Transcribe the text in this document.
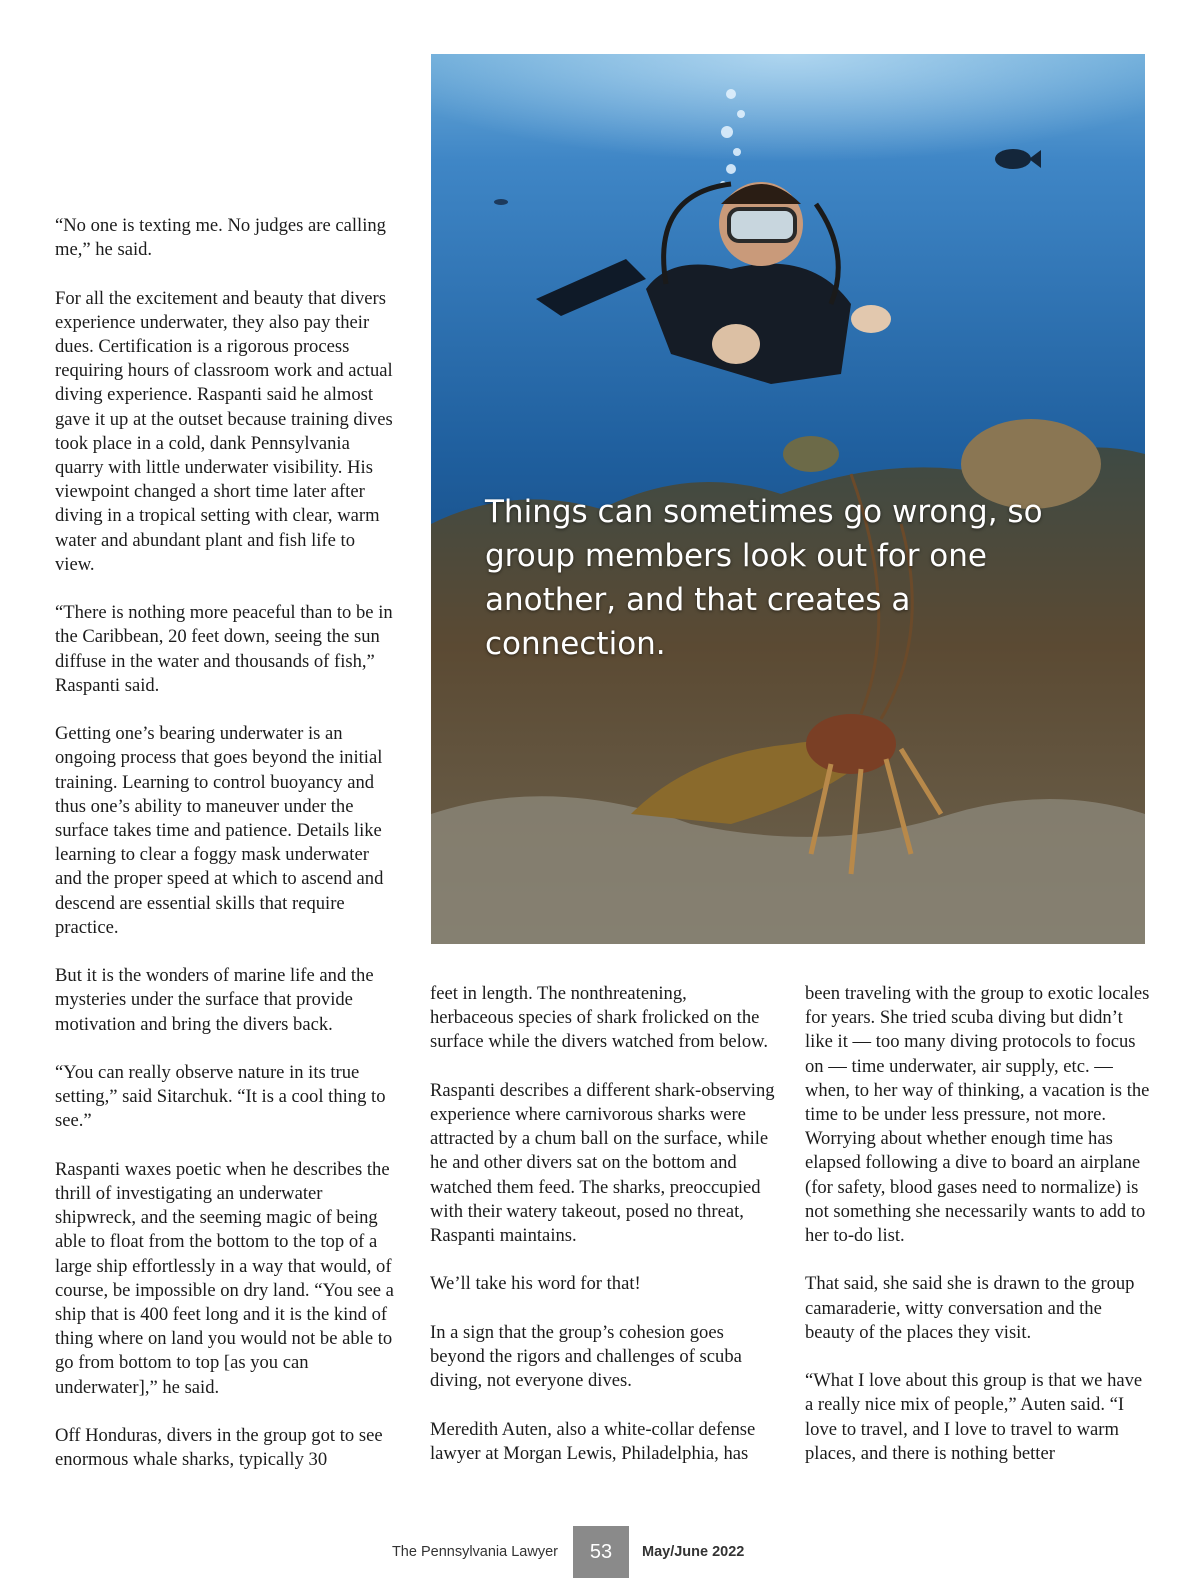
“No one is texting me. No judges are calling me,” he said.

For all the excitement and beauty that divers experience underwater, they also pay their dues. Certification is a rigorous process requiring hours of classroom work and actual diving experience. Raspanti said he almost gave it up at the outset because training dives took place in a cold, dank Pennsylvania quarry with little underwater visibility. His viewpoint changed a short time later after diving in a tropical setting with clear, warm water and abundant plant and fish life to view.

“There is nothing more peaceful than to be in the Caribbean, 20 feet down, seeing the sun diffuse in the water and thousands of fish,” Raspanti said.

Getting one’s bearing underwater is an ongoing process that goes beyond the initial training. Learning to control buoyancy and thus one’s ability to maneuver under the surface takes time and patience. Details like learning to clear a foggy mask underwater and the proper speed at which to ascend and descend are essential skills that require practice.

But it is the wonders of marine life and the mysteries under the surface that provide motivation and bring the divers back.

“You can really observe nature in its true setting,” said Sitarchuk. “It is a cool thing to see.”

Raspanti waxes poetic when he describes the thrill of investigating an underwater shipwreck, and the seeming magic of being able to float from the bottom to the top of a large ship effortlessly in a way that would, of course, be impossible on dry land. “You see a ship that is 400 feet long and it is the kind of thing where on land you would not be able to go from bottom to top [as you can underwater],” he said.

Off Honduras, divers in the group got to see enormous whale sharks, typically 30

Things can sometimes go wrong, so group members look out for one another, and that creates a connection.

feet in length. The nonthreatening, herbaceous species of shark frolicked on the surface while the divers watched from below.

Raspanti describes a different shark-observing experience where carnivorous sharks were attracted by a chum ball on the surface, while he and other divers sat on the bottom and watched them feed. The sharks, preoccupied with their watery takeout, posed no threat, Raspanti maintains.

We’ll take his word for that!

In a sign that the group’s cohesion goes beyond the rigors and challenges of scuba diving, not everyone dives.

Meredith Auten, also a white-collar defense lawyer at Morgan Lewis, Philadelphia, has

been traveling with the group to exotic locales for years. She tried scuba diving but didn’t like it — too many diving protocols to focus on — time underwater, air supply, etc. — when, to her way of thinking, a vacation is the time to be under less pressure, not more. Worrying about whether enough time has elapsed following a dive to board an airplane (for safety, blood gases need to normalize) is not something she necessarily wants to add to her to-do list.

That said, she said she is drawn to the group camaraderie, witty conversation and the beauty of the places they visit.

“What I love about this group is that we have a really nice mix of people,” Auten said. “I love to travel, and I love to travel to warm places, and there is nothing better

The Pennsylvania Lawyer	53	May/June 2022
